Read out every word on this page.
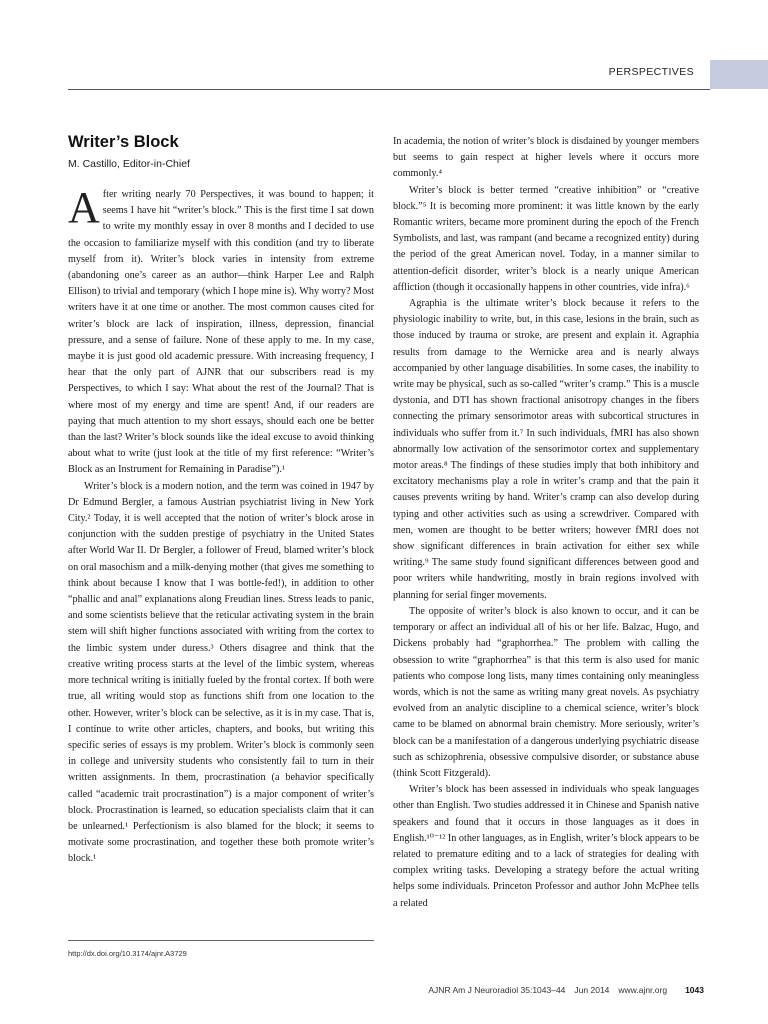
PERSPECTIVES
Writer’s Block
M. Castillo, Editor-in-Chief

After writing nearly 70 Perspectives, it was bound to happen; it seems I have hit “writer’s block.” This is the first time I sat down to write my monthly essay in over 8 months and I decided to use the occasion to familiarize myself with this condition (and try to liberate myself from it). Writer’s block varies in intensity from extreme (abandoning one’s career as an author—think Harper Lee and Ralph Ellison) to trivial and temporary (which I hope mine is). Why worry? Most writers have it at one time or another. The most common causes cited for writer’s block are lack of inspiration, illness, depression, financial pressure, and a sense of failure. None of these apply to me. In my case, maybe it is just good old academic pressure. With increasing frequency, I hear that the only part of AJNR that our subscribers read is my Perspectives, to which I say: What about the rest of the Journal? That is where most of my energy and time are spent! And, if our readers are paying that much attention to my short essays, should each one be better than the last? Writer’s block sounds like the ideal excuse to avoid thinking about what to write (just look at the title of my first reference: “Writer’s Block as an Instrument for Remaining in Paradise”).¹

Writer’s block is a modern notion, and the term was coined in 1947 by Dr Edmund Bergler, a famous Austrian psychiatrist living in New York City.² Today, it is well accepted that the notion of writer’s block arose in conjunction with the sudden prestige of psychiatry in the United States after World War II. Dr Bergler, a follower of Freud, blamed writer’s block on oral masochism and a milk-denying mother (that gives me something to think about because I know that I was bottle-fed!), in addition to other “phallic and anal” explanations along Freudian lines. Stress leads to panic, and some scientists believe that the reticular activating system in the brain stem will shift higher functions associated with writing from the cortex to the limbic system under duress.³ Others disagree and think that the creative writing process starts at the level of the limbic system, whereas more technical writing is initially fueled by the frontal cortex. If both were true, all writing would stop as functions shift from one location to the other. However, writer’s block can be selective, as it is in my case. That is, I continue to write other articles, chapters, and books, but writing this specific series of essays is my problem. Writer’s block is commonly seen in college and university students who consistently fail to turn in their written assignments. In them, procrastination (a behavior specifically called “academic trait procrastination”) is a major component of writer’s block. Procrastination is learned, so education specialists claim that it can be unlearned.¹ Perfectionism is also blamed for the block; it seems to motivate some procrastination, and together these both promote writer’s block.¹

In academia, the notion of writer’s block is disdained by younger members but seems to gain respect at higher levels where it occurs more commonly.⁴

Writer’s block is better termed “creative inhibition” or “creative block.”⁵ It is becoming more prominent: it was little known by the early Romantic writers, became more prominent during the epoch of the French Symbolists, and last, was rampant (and became a recognized entity) during the period of the great American novel. Today, in a manner similar to attention-deficit disorder, writer’s block is a nearly unique American affliction (though it occasionally happens in other countries, vide infra).⁶

Agraphia is the ultimate writer’s block because it refers to the physiologic inability to write, but, in this case, lesions in the brain, such as those induced by trauma or stroke, are present and explain it. Agraphia results from damage to the Wernicke area and is nearly always accompanied by other language disabilities. In some cases, the inability to write may be physical, such as so-called “writer’s cramp.” This is a muscle dystonia, and DTI has shown fractional anisotropy changes in the fibers connecting the primary sensorimotor areas with subcortical structures in individuals who suffer from it.⁷ In such individuals, fMRI has also shown abnormally low activation of the sensorimotor cortex and supplementary motor areas.⁸ The findings of these studies imply that both inhibitory and excitatory mechanisms play a role in writer’s cramp and that the pain it causes prevents writing by hand. Writer’s cramp can also develop during typing and other activities such as using a screwdriver. Compared with men, women are thought to be better writers; however fMRI does not show significant differences in brain activation for either sex while writing.⁹ The same study found significant differences between good and poor writers while handwriting, mostly in brain regions involved with planning for serial finger movements.

The opposite of writer’s block is also known to occur, and it can be temporary or affect an individual all of his or her life. Balzac, Hugo, and Dickens probably had “graphorrhea.” The problem with calling the obsession to write “graphorrhea” is that this term is also used for manic patients who compose long lists, many times containing only meaningless words, which is not the same as writing many great novels. As psychiatry evolved from an analytic discipline to a chemical science, writer’s block came to be blamed on abnormal brain chemistry. More seriously, writer’s block can be a manifestation of a dangerous underlying psychiatric disease such as schizophrenia, obsessive compulsive disorder, or substance abuse (think Scott Fitzgerald).

Writer’s block has been assessed in individuals who speak languages other than English. Two studies addressed it in Chinese and Spanish native speakers and found that it occurs in those languages as it does in English.¹⁰⁻¹² In other languages, as in English, writer’s block appears to be related to premature editing and to a lack of strategies for dealing with complex writing tasks. Developing a strategy before the actual writing helps some individuals. Princeton Professor and author John McPhee tells a related

http://dx.doi.org/10.3174/ajnr.A3729
AJNR Am J Neuroradiol 35:1043–44 Jun 2014 www.ajnr.org 1043
